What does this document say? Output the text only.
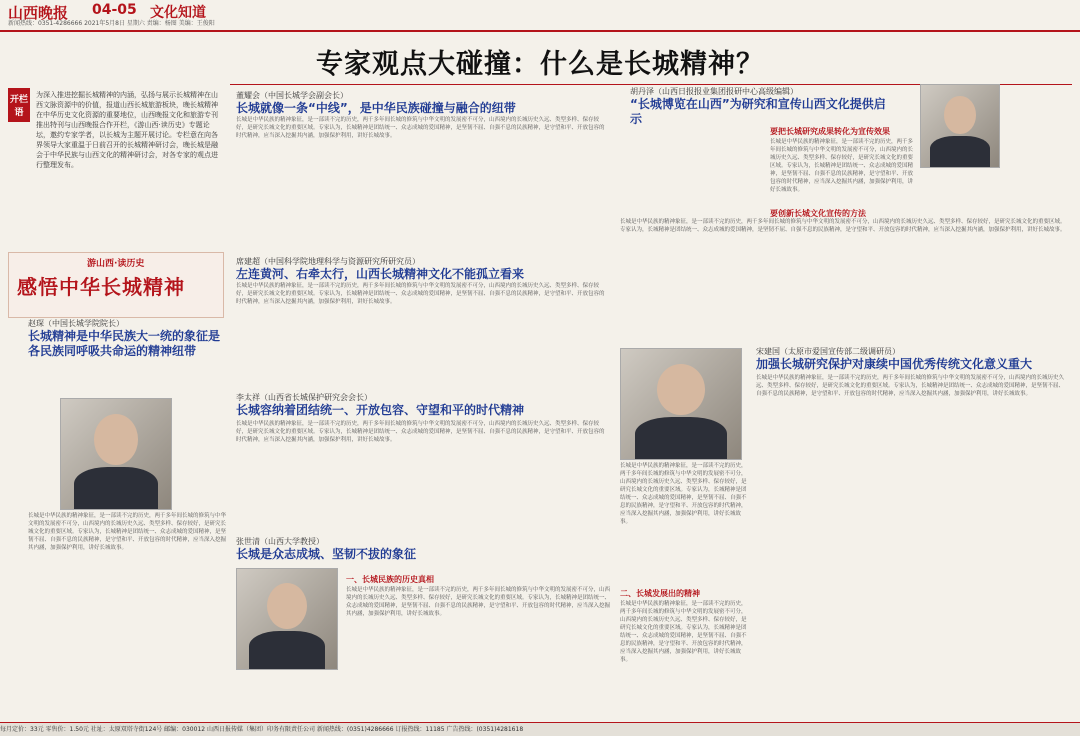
山西晚报 04-05 文化知道
新闻热线：0351-4286666 2021年5月8日 星期六 责编：杨图 美编：王俊阳
专家观点大碰撞：什么是长城精神？
开栏语
为深入推进挖掘长城精神的内涵，弘扬与展示长城精神在山西文脉资源中的价值，报道山西长城旅游板块，晚长城精神在中华历史文化资源的重要地位，山西晚报文化和旅游专刊推出特刊与山西晚报合作开栏，《游山西·读历史》专题论坛，邀约专家学者，以长城为主题开展讨论。专栏意在向各界领导大家重温于日前召开的长城精神研讨会，晚长城是融会于中华民族与山西文化的精神研讨会，对各专家的观点进行整理发布。
游山西·读历史
感悟中华长城精神
董耀会（中国长城学会副会长）
长城就像一条“中线”，是中华民族碰撞与融合的纽带
长城是中华民族的精神象征，是一部读不完的历史，两千多年间长城的修筑与中华文明的发展密不可分，山西境内的长城历史久远、类型多样、保存较好，是研究长城文化的重要区域。专家认为，长城精神是团结统一、众志成城的爱国精神，是坚韧不屈、自强不息的民族精神，是守望和平、开放包容的时代精神，应当深入挖掘其内涵，加强保护利用，讲好长城故事。
胡丹泽（山西日报报业集团报研中心高级编辑）
“长城博览在山西”为研究和宣传山西文化提供启示
要把长城研究成果转化为宣传效果
长城是中华民族的精神象征，是一部读不完的历史，两千多年间长城的修筑与中华文明的发展密不可分，山西境内的长城历史久远、类型多样、保存较好，是研究长城文化的重要区域。专家认为，长城精神是团结统一、众志成城的爱国精神，是坚韧不屈、自强不息的民族精神，是守望和平、开放包容的时代精神，应当深入挖掘其内涵，加强保护利用，讲好长城故事。
要创新长城文化宣传的方法
长城是中华民族的精神象征，是一部读不完的历史，两千多年间长城的修筑与中华文明的发展密不可分，山西境内的长城历史久远、类型多样、保存较好，是研究长城文化的重要区域。专家认为，长城精神是团结统一、众志成城的爱国精神，是坚韧不屈、自强不息的民族精神，是守望和平、开放包容的时代精神，应当深入挖掘其内涵，加强保护利用，讲好长城故事。
席建超（中国科学院地理科学与资源研究所研究员）
左连黄河、右牵太行，山西长城精神文化不能孤立看来
长城是中华民族的精神象征，是一部读不完的历史，两千多年间长城的修筑与中华文明的发展密不可分，山西境内的长城历史久远、类型多样、保存较好，是研究长城文化的重要区域。专家认为，长城精神是团结统一、众志成城的爱国精神，是坚韧不屈、自强不息的民族精神，是守望和平、开放包容的时代精神，应当深入挖掘其内涵，加强保护利用，讲好长城故事。
赵琛（中国长城学院院长）
长城精神是中华民族大一统的象征是各民族同呼吸共命运的精神纽带
长城是中华民族的精神象征，是一部读不完的历史，两千多年间长城的修筑与中华文明的发展密不可分，山西境内的长城历史久远、类型多样、保存较好，是研究长城文化的重要区域。专家认为，长城精神是团结统一、众志成城的爱国精神，是坚韧不屈、自强不息的民族精神，是守望和平、开放包容的时代精神，应当深入挖掘其内涵，加强保护利用，讲好长城故事。
李太祥（山西省长城保护研究会会长）
长城容纳着团结统一、开放包容、守望和平的时代精神
长城是中华民族的精神象征，是一部读不完的历史，两千多年间长城的修筑与中华文明的发展密不可分，山西境内的长城历史久远、类型多样、保存较好，是研究长城文化的重要区域。专家认为，长城精神是团结统一、众志成城的爱国精神，是坚韧不屈、自强不息的民族精神，是守望和平、开放包容的时代精神，应当深入挖掘其内涵，加强保护利用，讲好长城故事。
宋建国（太原市爱国宣传部二级调研员）
加强长城研究保护对康续中国优秀传统文化意义重大
长城是中华民族的精神象征，是一部读不完的历史，两千多年间长城的修筑与中华文明的发展密不可分，山西境内的长城历史久远、类型多样、保存较好，是研究长城文化的重要区域。专家认为，长城精神是团结统一、众志成城的爱国精神，是坚韧不屈、自强不息的民族精神，是守望和平、开放包容的时代精神，应当深入挖掘其内涵，加强保护利用，讲好长城故事。
长城是中华民族的精神象征，是一部读不完的历史，两千多年间长城的修筑与中华文明的发展密不可分，山西境内的长城历史久远、类型多样、保存较好，是研究长城文化的重要区域。专家认为，长城精神是团结统一、众志成城的爱国精神，是坚韧不屈、自强不息的民族精神，是守望和平、开放包容的时代精神，应当深入挖掘其内涵，加强保护利用，讲好长城故事。
张世清（山西大学教授）
长城是众志成城、坚韧不拔的象征
一、长城民族的历史真相
长城是中华民族的精神象征，是一部读不完的历史，两千多年间长城的修筑与中华文明的发展密不可分，山西境内的长城历史久远、类型多样、保存较好，是研究长城文化的重要区域。专家认为，长城精神是团结统一、众志成城的爱国精神，是坚韧不屈、自强不息的民族精神，是守望和平、开放包容的时代精神，应当深入挖掘其内涵，加强保护利用，讲好长城故事。
二、长城发展出的精神
长城是中华民族的精神象征，是一部读不完的历史，两千多年间长城的修筑与中华文明的发展密不可分，山西境内的长城历史久远、类型多样、保存较好，是研究长城文化的重要区域。专家认为，长城精神是团结统一、众志成城的爱国精神，是坚韧不屈、自强不息的民族精神，是守望和平、开放包容的时代精神，应当深入挖掘其内涵，加强保护利用，讲好长城故事。
每月定价：33元 零售价：1.50元 社址：太原双塔寺街124号 邮编：030012 山西日报传媒（集团）印务有限责任公司 新闻热线：(0351)4286666 订报热线：11185 广告热线：(0351)4281618
